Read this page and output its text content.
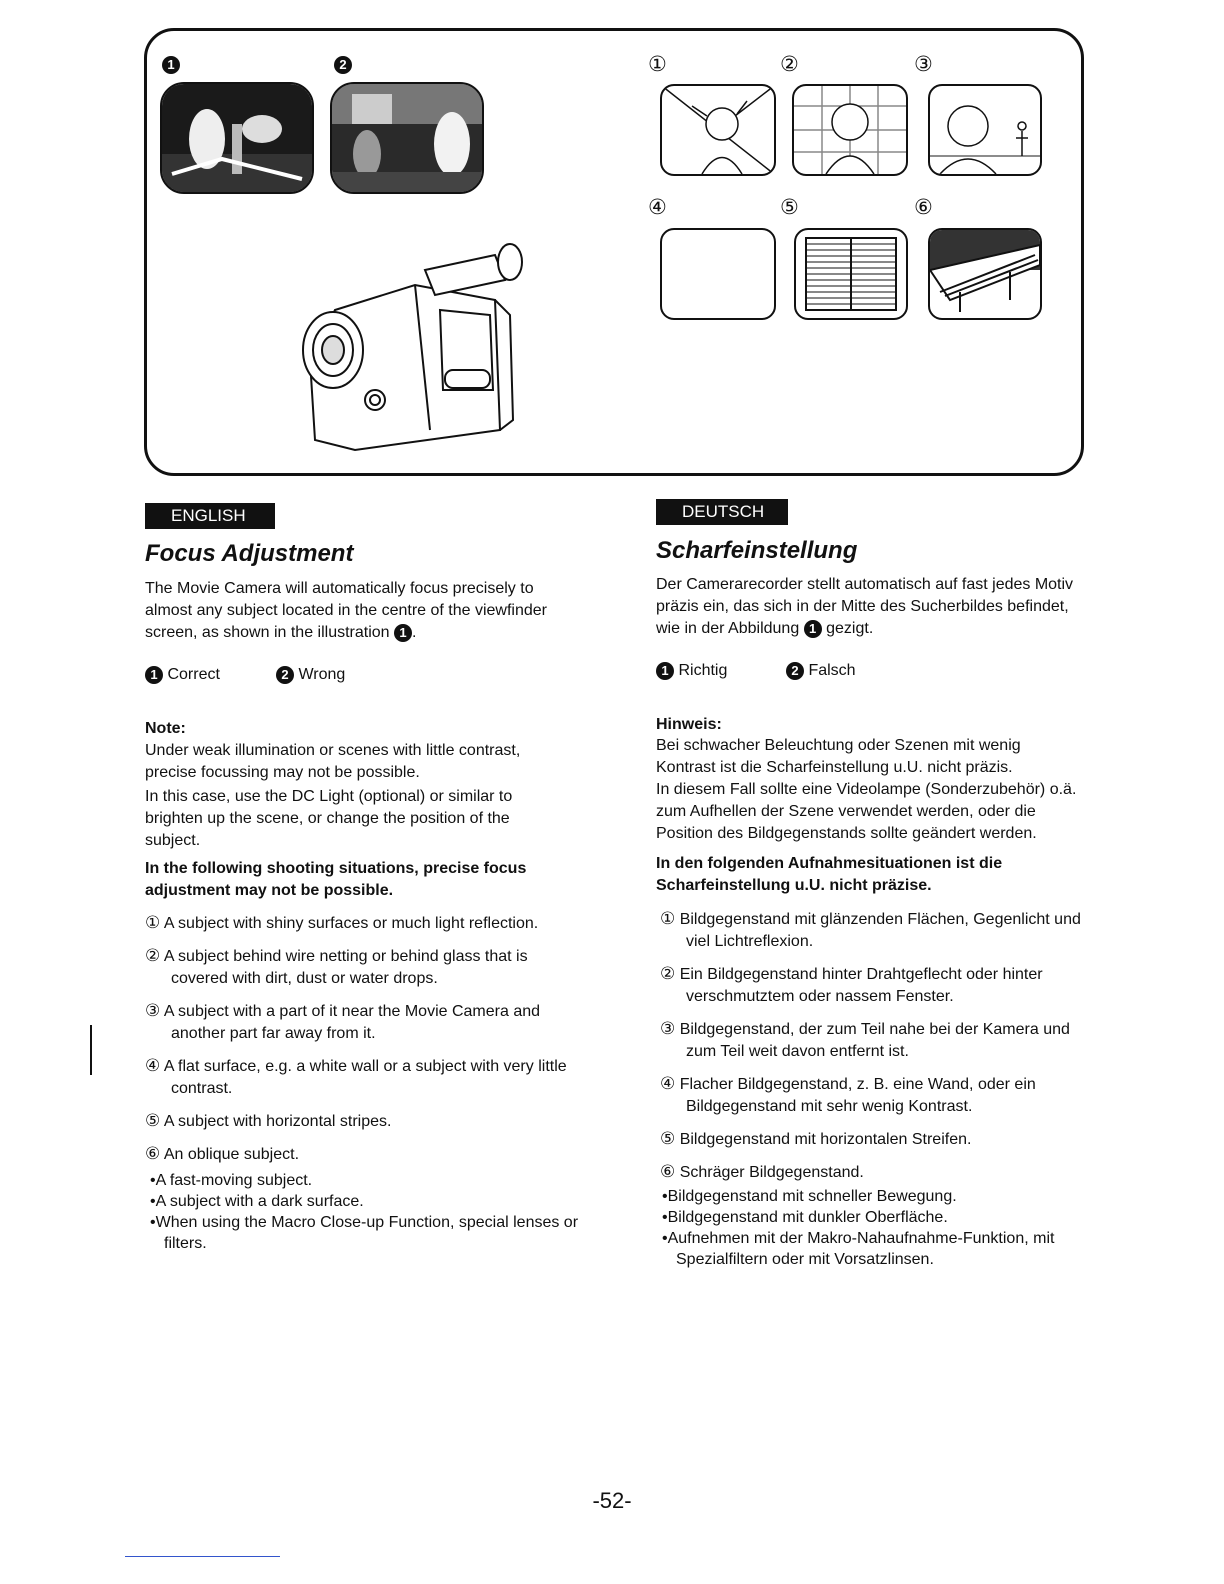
1	2	①	②	③
④	⑤	⑥
ENGLISH
Focus Adjustment
The Movie Camera will automatically focus precisely to almost any subject located in the centre of the viewfinder screen, as shown in the illustration 1 .
1 Correct	2 Wrong
Note:
Under weak illumination or scenes with little contrast, precise focussing may not be possible.
In this case, use the DC Light (optional) or similar to brighten up the scene, or change the position of the subject.
In the following shooting situations, precise focus adjustment may not be possible.
① A subject with shiny surfaces or much light reflection.
② A subject behind wire netting or behind glass that is covered with dirt, dust or water drops.
③ A subject with a part of it near the Movie Camera and another part far away from it.
④ A flat surface, e.g. a white wall or a subject with very little contrast.
⑤ A subject with horizontal stripes.
⑥ An oblique subject.
•A fast-moving subject.
•A subject with a dark surface.
•When using the Macro Close-up Function, special lenses or filters.
DEUTSCH
Scharfeinstellung
Der Camerarecorder stellt automatisch auf fast jedes Motiv präzis ein, das sich in der Mitte des Sucherbildes befindet, wie in der Abbildung 1 gezigt.
1 Richtig	2 Falsch
Hinweis:
Bei schwacher Beleuchtung oder Szenen mit wenig Kontrast ist die Scharfeinstellung u.U. nicht präzis.
In diesem Fall sollte eine Videolampe (Sonderzubehör) o.ä. zum Aufhellen der Szene verwendet werden, oder die Position des Bildgegenstands sollte geändert werden.
In den folgenden Aufnahmesituationen ist die Scharfeinstellung u.U. nicht präzise.
① Bildgegenstand mit glänzenden Flächen, Gegenlicht und viel Lichtreflexion.
② Ein Bildgegenstand hinter Drahtgeflecht oder hinter verschmutztem oder nassem Fenster.
③ Bildgegenstand, der zum Teil nahe bei der Kamera und zum Teil weit davon entfernt ist.
④ Flacher Bildgegenstand, z. B. eine Wand, oder ein Bildgegenstand mit sehr wenig Kontrast.
⑤ Bildgegenstand mit horizontalen Streifen.
⑥ Schräger Bildgegenstand.
•Bildgegenstand mit schneller Bewegung.
•Bildgegenstand mit dunkler Oberfläche.
•Aufnehmen mit der Makro-Nahaufnahme-Funktion, mit Spezialfiltern oder mit Vorsatzlinsen.
-52-
